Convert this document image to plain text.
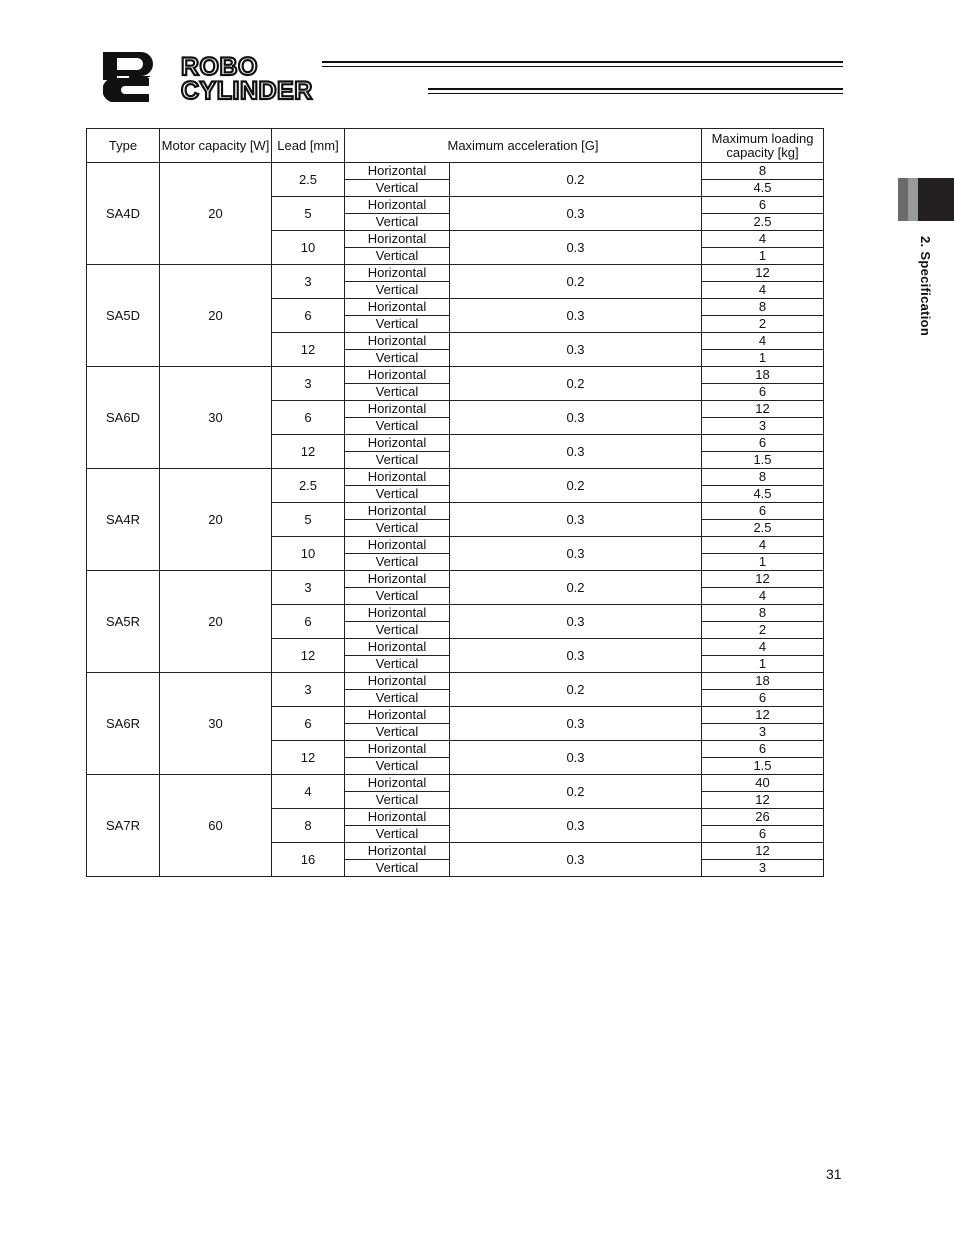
ROBO
CYLINDER
2. Specification
Type	Motor capacity [W]	Lead [mm]	Maximum acceleration [G]		Maximum loading capacity [kg]
SA4D	20	2.5	Horizontal	0.2	8
			Vertical		4.5
		5	Horizontal	0.3	6
			Vertical		2.5
		10	Horizontal	0.3	4
			Vertical		1
SA5D	20	3	Horizontal	0.2	12
			Vertical		4
		6	Horizontal	0.3	8
			Vertical		2
		12	Horizontal	0.3	4
			Vertical		1
SA6D	30	3	Horizontal	0.2	18
			Vertical		6
		6	Horizontal	0.3	12
			Vertical		3
		12	Horizontal	0.3	6
			Vertical		1.5
SA4R	20	2.5	Horizontal	0.2	8
			Vertical		4.5
		5	Horizontal	0.3	6
			Vertical		2.5
		10	Horizontal	0.3	4
			Vertical		1
SA5R	20	3	Horizontal	0.2	12
			Vertical		4
		6	Horizontal	0.3	8
			Vertical		2
		12	Horizontal	0.3	4
			Vertical		1
SA6R	30	3	Horizontal	0.2	18
			Vertical		6
		6	Horizontal	0.3	12
			Vertical		3
		12	Horizontal	0.3	6
			Vertical		1.5
SA7R	60	4	Horizontal	0.2	40
			Vertical		12
		8	Horizontal	0.3	26
			Vertical		6
		16	Horizontal	0.3	12
			Vertical		3
31
